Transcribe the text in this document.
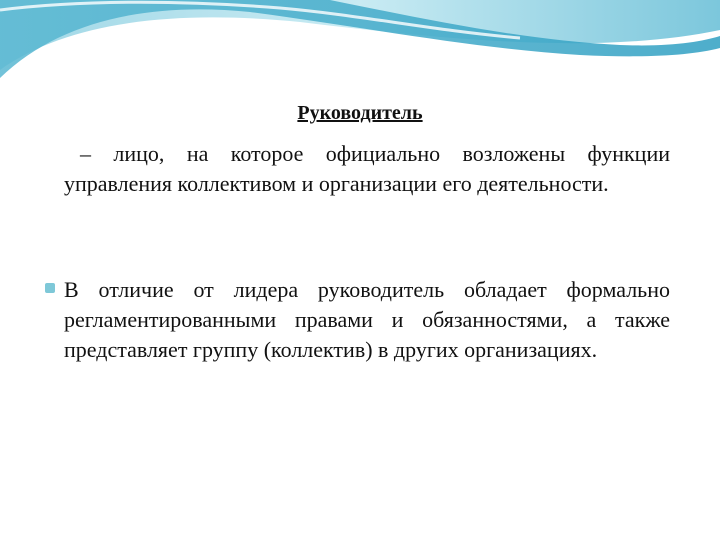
Руководитель

– лицо, на которое официально возложены функции управления коллективом и организации его деятельности.

В отличие от лидера руководитель обладает формально регламентированными правами и обязанностями, а также представляет группу (коллектив) в других организациях.
